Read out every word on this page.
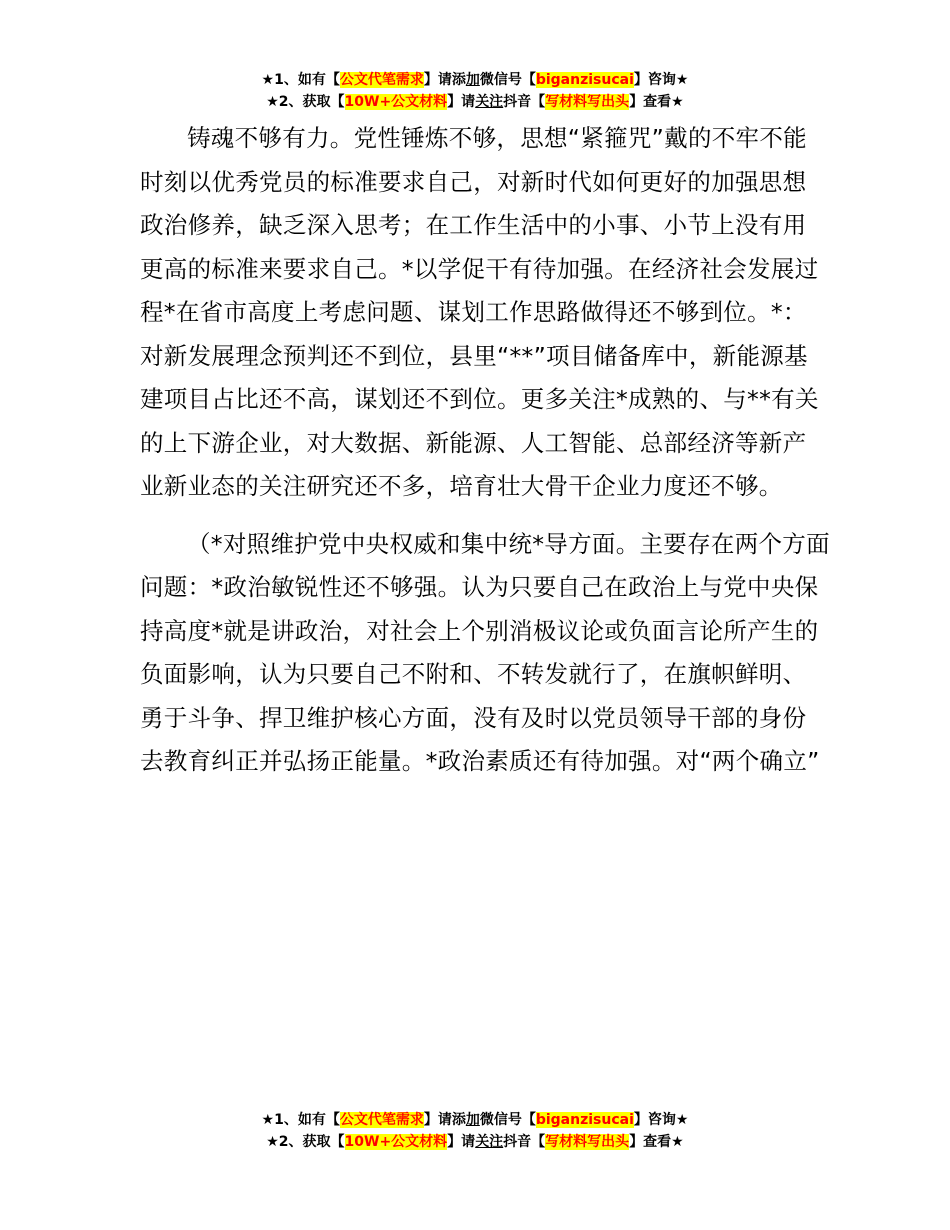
★1、如有【公文代笔需求】请添加微信号【biganzisucai】咨询★
★2、获取【10W+公文材料】请关注抖音【写材料写出头】查看★

铸魂不够有力。党性锤炼不够，思想“紧箍咒”戴的不牢不能时刻以优秀党员的标准要求自己，对新时代如何更好的加强思想政治修养，缺乏深入思考；在工作生活中的小事、小节上没有用更高的标准来要求自己。*以学促干有待加强。在经济社会发展过程*在省市高度上考虑问题、谋划工作思路做得还不够到位。*：对新发展理念预判还不到位，县里“**”项目储备库中，新能源基建项目占比还不高，谋划还不到位。更多关注*成熟的、与**有关的上下游企业，对大数据、新能源、人工智能、总部经济等新产业新业态的关注研究还不多，培育壮大骨干企业力度还不够。

（*对照维护党中央权威和集中统*导方面。主要存在两个方面问题：*政治敏锐性还不够强。认为只要自己在政治上与党中央保持高度*就是讲政治，对社会上个别消极议论或负面言论所产生的负面影响，认为只要自己不附和、不转发就行了，在旗帜鲜明、勇于斗争、捍卫维护核心方面，没有及时以党员领导干部的身份去教育纠正并弘扬正能量。*政治素质还有待加强。对“两个确立”

★1、如有【公文代笔需求】请添加微信号【biganzisucai】咨询★
★2、获取【10W+公文材料】请关注抖音【写材料写出头】查看★
